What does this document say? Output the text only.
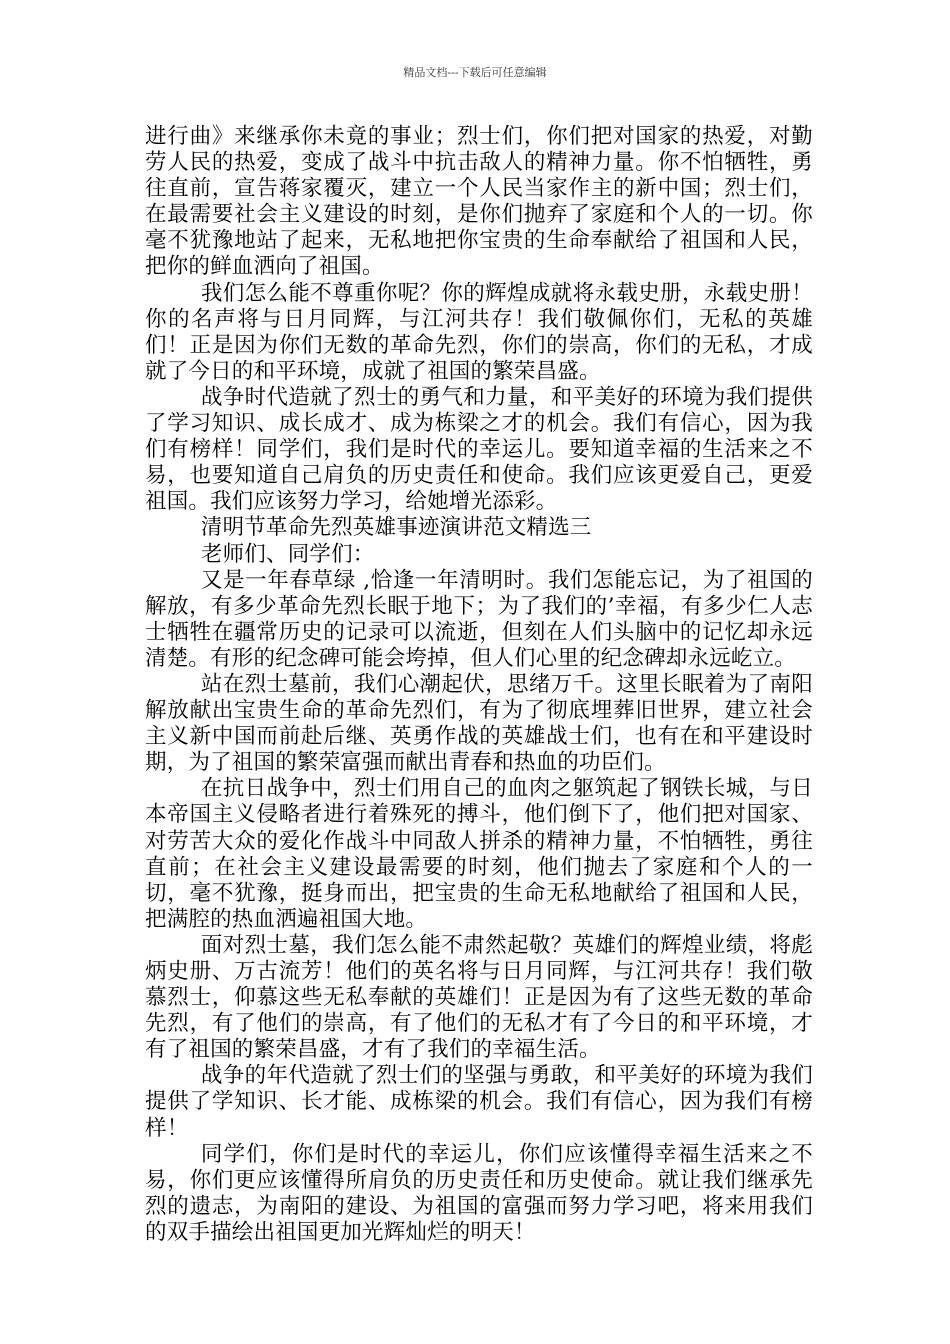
精品文档---下载后可任意编辑

进行曲》来继承你未竟的事业；烈士们，你们把对国家的热爱，对勤劳人民的热爱，变成了战斗中抗击敌人的精神力量。你不怕牺牲，勇往直前，宣告蒋家覆灭，建立一个人民当家作主的新中国；烈士们，在最需要社会主义建设的时刻，是你们抛弃了家庭和个人的一切。你毫不犹豫地站了起来，无私地把你宝贵的生命奉献给了祖国和人民，把你的鲜血洒向了祖国。

我们怎么能不尊重你呢？你的辉煌成就将永载史册，永载史册！你的名声将与日月同辉，与江河共存！我们敬佩你们，无私的英雄们！正是因为你们无数的革命先烈，你们的崇高，你们的无私，才成就了今日的和平环境，成就了祖国的繁荣昌盛。

战争时代造就了烈士的勇气和力量，和平美好的环境为我们提供了学习知识、成长成才、成为栋梁之才的机会。我们有信心，因为我们有榜样！同学们，我们是时代的幸运儿。要知道幸福的生活来之不易，也要知道自己肩负的历史责任和使命。我们应该更爱自己，更爱祖国。我们应该努力学习，给她增光添彩。

清明节革命先烈英雄事迹演讲范文精选三

老师们、同学们：

又是一年春草绿 ,恰逢一年清明时。我们怎能忘记，为了祖国的解放，有多少革命先烈长眠于地下；为了我们的’幸福，有多少仁人志士牺牲在疆常历史的记录可以流逝，但刻在人们头脑中的记忆却永远清楚。有形的纪念碑可能会垮掉，但人们心里的纪念碑却永远屹立。

站在烈士墓前，我们心潮起伏，思绪万千。这里长眠着为了南阳解放献出宝贵生命的革命先烈们，有为了彻底埋葬旧世界，建立社会主义新中国而前赴后继、英勇作战的英雄战士们，也有在和平建设时期，为了祖国的繁荣富强而献出青春和热血的功臣们。

在抗日战争中，烈士们用自己的血肉之躯筑起了钢铁长城，与日本帝国主义侵略者进行着殊死的搏斗，他们倒下了，他们把对国家、对劳苦大众的爱化作战斗中同敌人拼杀的精神力量，不怕牺牲，勇往直前；在社会主义建设最需要的时刻，他们抛去了家庭和个人的一切，毫不犹豫，挺身而出，把宝贵的生命无私地献给了祖国和人民，把满腔的热血洒遍祖国大地。

面对烈士墓，我们怎么能不肃然起敬？英雄们的辉煌业绩，将彪炳史册、万古流芳！他们的英名将与日月同辉，与江河共存！我们敬慕烈士，仰慕这些无私奉献的英雄们！正是因为有了这些无数的革命先烈，有了他们的崇高，有了他们的无私才有了今日的和平环境，才有了祖国的繁荣昌盛，才有了我们的幸福生活。

战争的年代造就了烈士们的坚强与勇敢，和平美好的环境为我们提供了学知识、长才能、成栋梁的机会。我们有信心，因为我们有榜样！

同学们，你们是时代的幸运儿，你们应该懂得幸福生活来之不易，你们更应该懂得所肩负的历史责任和历史使命。就让我们继承先烈的遗志，为南阳的建设、为祖国的富强而努力学习吧，将来用我们的双手描绘出祖国更加光辉灿烂的明天！
